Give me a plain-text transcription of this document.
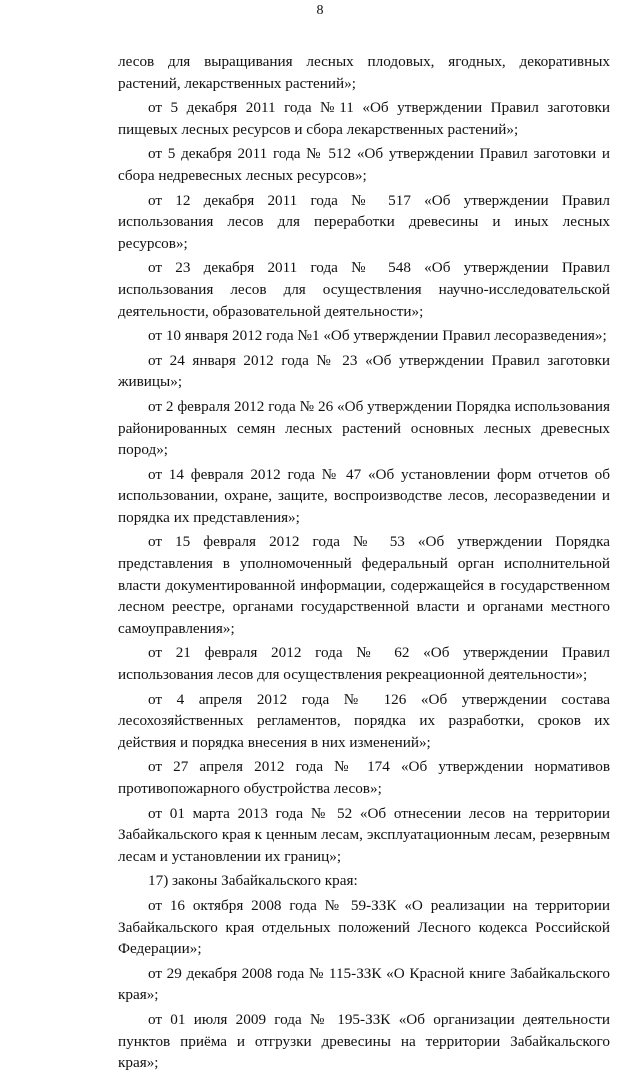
8

лесов для выращивания лесных плодовых, ягодных, декоративных растений, лекарственных растений»;

от 5 декабря 2011 года №11 «Об утверждении Правил заготовки пищевых лесных ресурсов и сбора лекарственных растений»;

от 5 декабря 2011 года № 512 «Об утверждении Правил заготовки и сбора недревесных лесных ресурсов»;

от 12 декабря 2011 года № 517 «Об утверждении Правил использования лесов для переработки древесины и иных лесных ресурсов»;

от 23 декабря 2011 года № 548 «Об утверждении Правил использования лесов для осуществления научно-исследовательской деятельности, образовательной деятельности»;

от 10 января 2012 года №1 «Об утверждении Правил лесоразведения»;

от 24 января 2012 года № 23 «Об утверждении Правил заготовки живицы»;

от 2 февраля 2012 года № 26 «Об утверждении Порядка использования районированных семян лесных растений основных лесных древесных пород»;

от 14 февраля 2012 года № 47 «Об установлении форм отчетов об использовании, охране, защите, воспроизводстве лесов, лесоразведении и порядка их представления»;

от 15 февраля 2012 года № 53 «Об утверждении Порядка представления в уполномоченный федеральный орган исполнительной власти документированной информации, содержащейся в государственном лесном реестре, органами государственной власти и органами местного самоуправления»;

от 21 февраля 2012 года № 62 «Об утверждении Правил использования лесов для осуществления рекреационной деятельности»;

от 4 апреля 2012 года № 126 «Об утверждении состава лесохозяйственных регламентов, порядка их разработки, сроков их действия и порядка внесения в них изменений»;

от 27 апреля 2012 года № 174 «Об утверждении нормативов противопожарного обустройства лесов»;

от 01 марта 2013 года № 52 «Об отнесении лесов на территории Забайкальского края к ценным лесам, эксплуатационным лесам, резервным лесам и установлении их границ»;

17) законы Забайкальского края:

от 16 октября 2008 года № 59-ЗЗК «О реализации на территории Забайкальского края отдельных положений Лесного кодекса Российской Федерации»;

от 29 декабря 2008 года № 115-ЗЗК «О Красной книге Забайкальского края»;

от 01 июля 2009 года № 195-ЗЗК «Об организации деятельности пунктов приёма и отгрузки древесины на территории Забайкальского края»;
